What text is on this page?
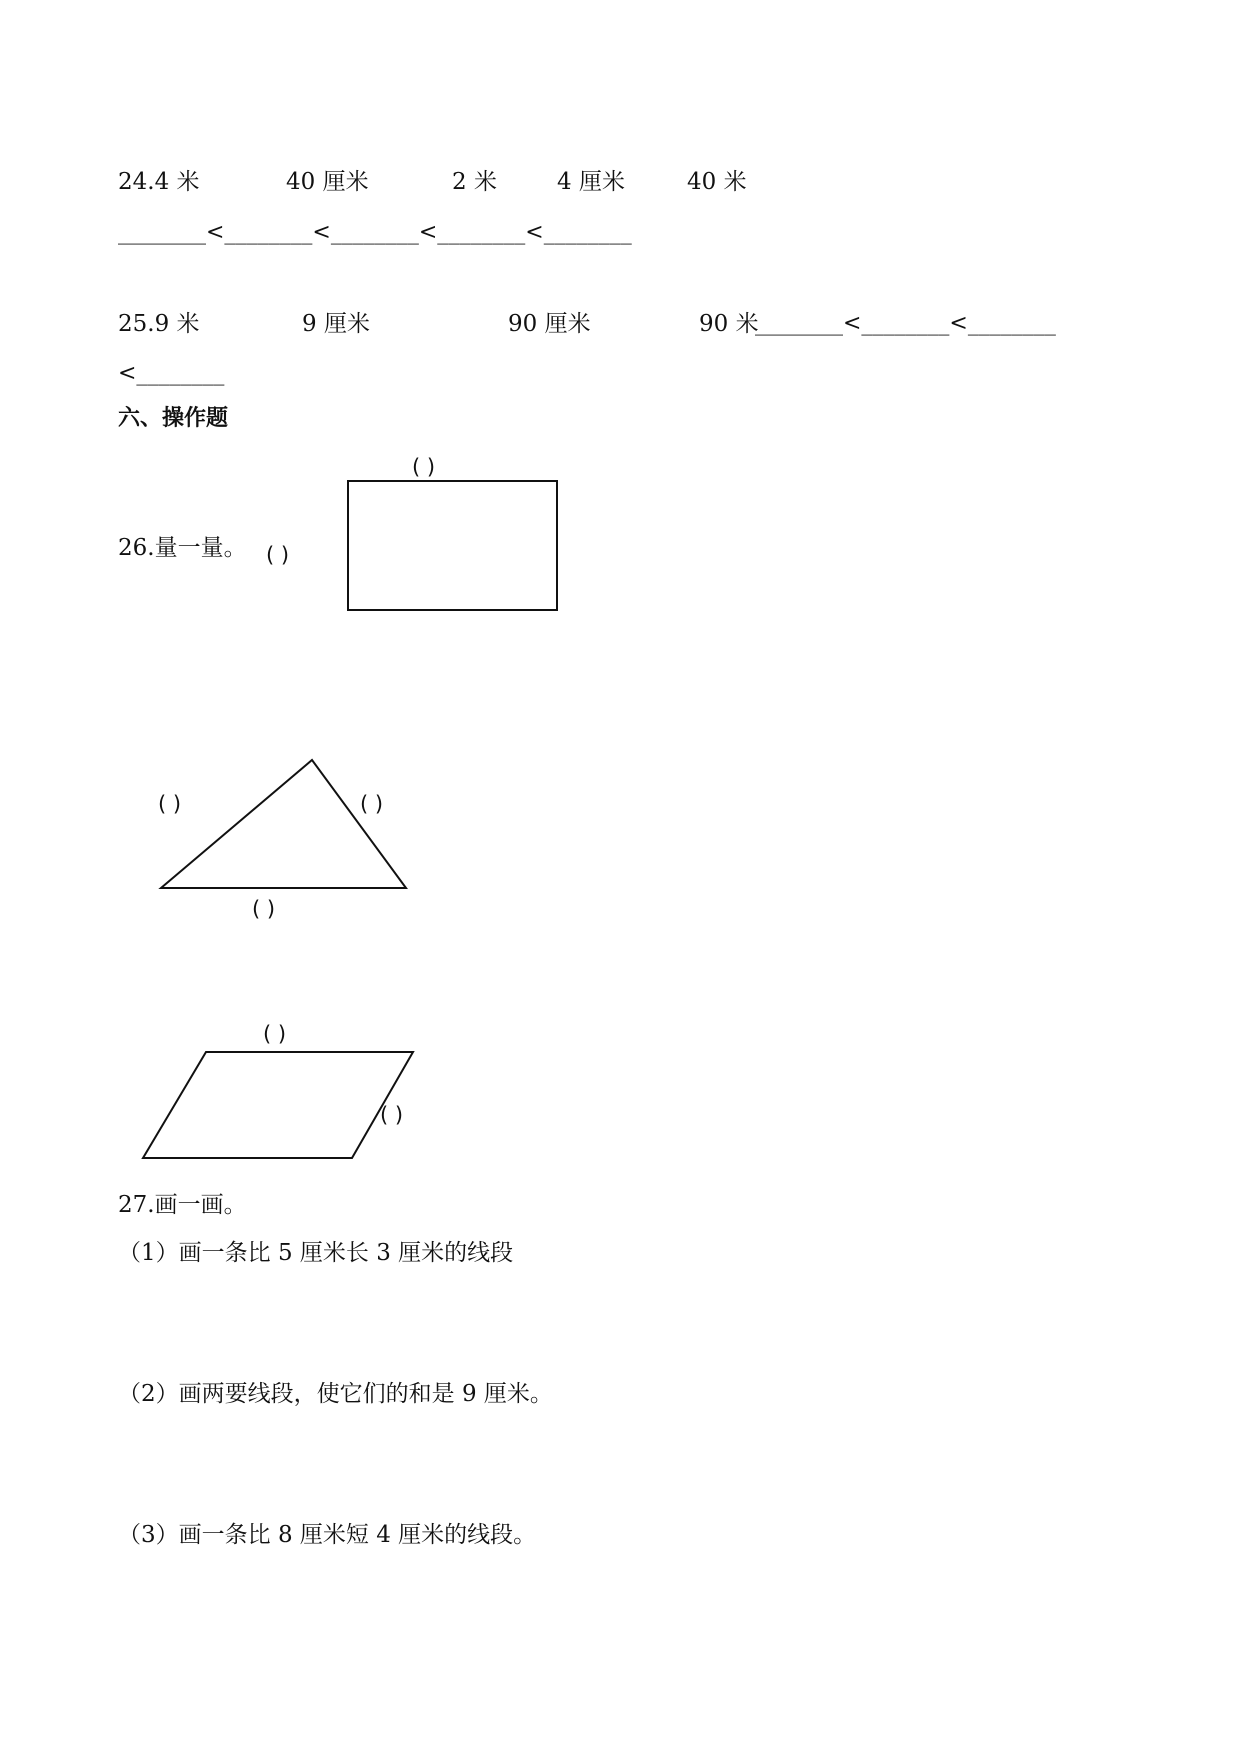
24.4 米	40 厘米	2 米	4 厘米	40 米
________<________<________<________<________
25.9 米	9 厘米	90 厘米	90 米
________<________<________
<________
六、操作题
26.量一量。
( )
( )
( )	( )
( )
( )
( )
27.画一画。
（1）画一条比 5 厘米长 3 厘米的线段
（2）画两要线段，使它们的和是 9 厘米。
（3）画一条比 8 厘米短 4 厘米的线段。
